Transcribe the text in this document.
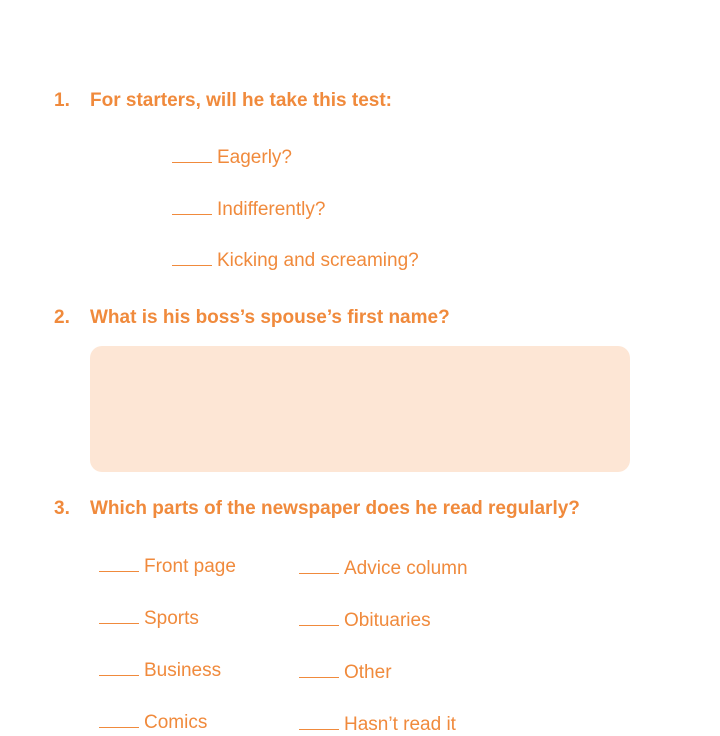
1.	For starters, will he take this test:
Eagerly?
Indifferently?
Kicking and screaming?
2.	What is his boss’s spouse’s first name?
3.	Which parts of the newspaper does he read regularly?
Front page
Sports
Business
Comics
Advice column
Obituaries
Other
Hasn’t read it
